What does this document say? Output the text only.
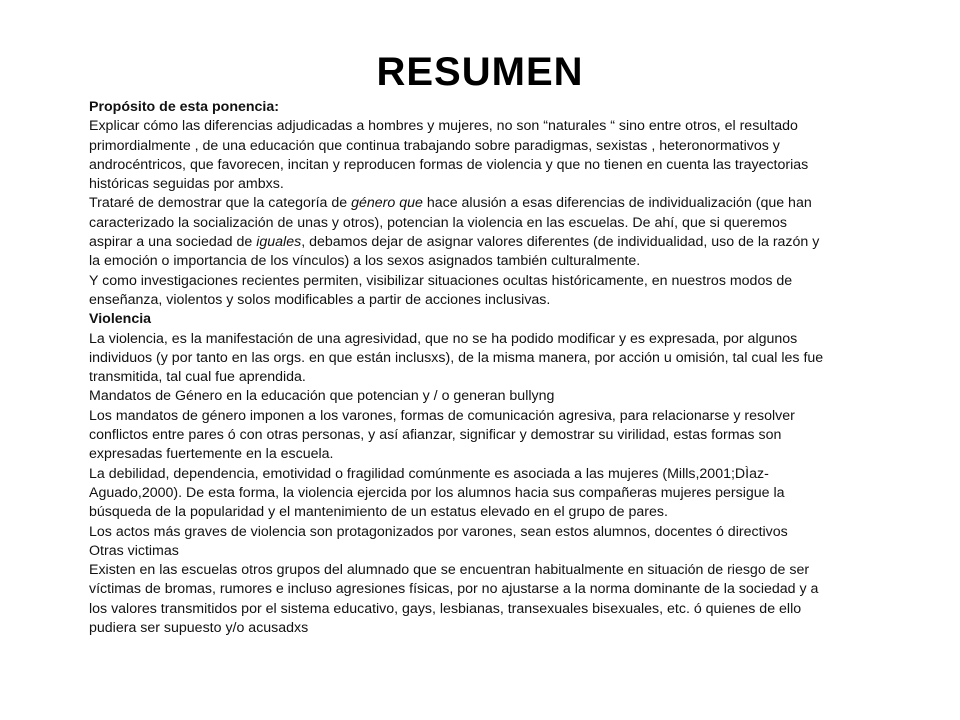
RESUMEN

Propósito de esta ponencia:

Explicar cómo las diferencias adjudicadas a hombres y mujeres, no son “naturales “ sino entre otros, el resultado primordialmente , de una educación que continua trabajando sobre paradigmas, sexistas , heteronormativos y androcéntricos, que favorecen, incitan y reproducen formas de violencia y que no tienen en cuenta las trayectorias históricas seguidas por ambxs.

Trataré de demostrar que la categoría de género que hace alusión a esas diferencias de individualización (que han caracterizado la socialización de unas y otros), potencian la violencia en las escuelas. De ahí, que si queremos aspirar a una sociedad de iguales, debamos dejar de asignar valores diferentes (de individualidad, uso de la razón y la emoción o importancia de los vínculos) a los sexos asignados también culturalmente.

Y como investigaciones recientes permiten, visibilizar situaciones ocultas históricamente, en nuestros modos de enseñanza, violentos y solos modificables a partir de acciones inclusivas.

Violencia

La violencia, es la manifestación de una agresividad, que no se ha podido modificar y es expresada, por algunos individuos (y por tanto en las orgs. en que están inclusxs), de la misma manera, por acción u omisión, tal cual les fue transmitida, tal cual fue aprendida.

Mandatos de Género en la educación que potencian y / o generan bullyng

Los mandatos de género imponen a los varones, formas de comunicación agresiva, para relacionarse y resolver conflictos entre pares ó con otras personas, y así afianzar, significar y demostrar su virilidad, estas formas son expresadas fuertemente en la escuela.

La debilidad, dependencia, emotividad o fragilidad comúnmente es asociada a las mujeres (Mills,2001;DÌaz-Aguado,2000). De esta forma, la violencia ejercida por los alumnos hacia sus compañeras mujeres persigue la búsqueda de la popularidad y el mantenimiento de un estatus elevado en el grupo de pares.

Los actos más graves de violencia son protagonizados por varones, sean estos alumnos, docentes ó directivos

Otras victimas

Existen en las escuelas otros grupos del alumnado que se encuentran habitualmente en situación de riesgo de ser víctimas de bromas, rumores e incluso agresiones físicas, por no ajustarse a la norma dominante de la sociedad y a los valores transmitidos por el sistema educativo, gays, lesbianas, transexuales bisexuales, etc. ó quienes de ello pudiera ser supuesto y/o acusadxs
